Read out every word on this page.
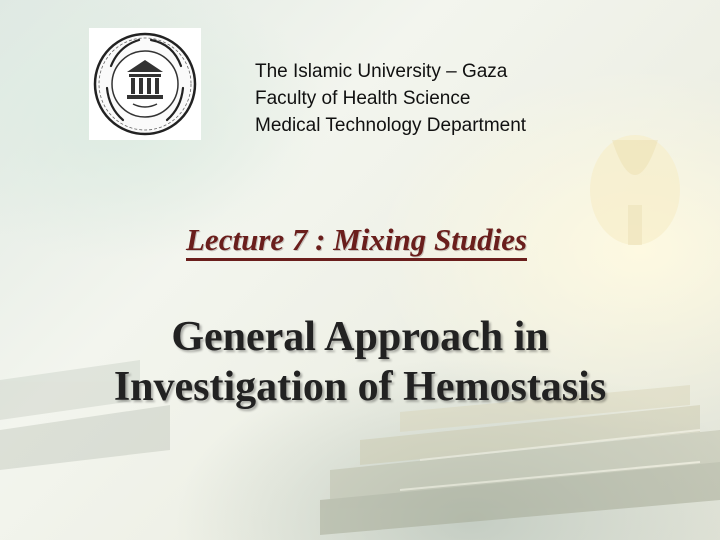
The Islamic University – Gaza
Faculty of Health Science
Medical Technology Department
Lecture 7 : Mixing Studies
General Approach in
Investigation of Hemostasis
